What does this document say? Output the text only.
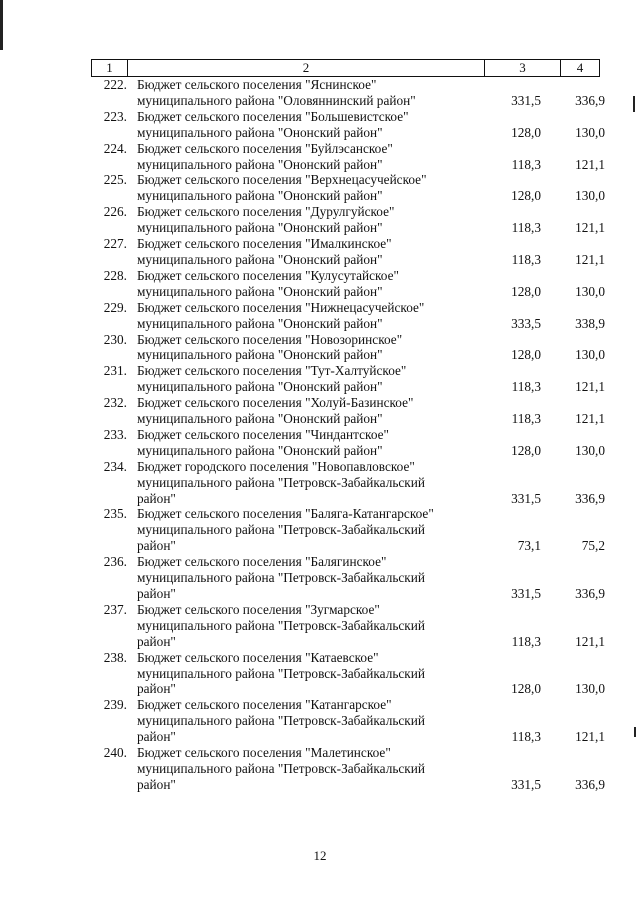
1	2	3	4
222. Бюджет сельского поселения "Яснинское"
муниципального района "Оловяннинский район"	331,5	336,9
223. Бюджет сельского поселения "Большевистское"
муниципального района "Ононский район"	128,0	130,0
224. Бюджет сельского поселения "Буйлэсанское"
муниципального района "Ононский район"	118,3	121,1
225. Бюджет сельского поселения "Верхнецасучейское"
муниципального района "Ононский район"	128,0	130,0
226. Бюджет сельского поселения "Дурулгуйское"
муниципального района "Ононский район"	118,3	121,1
227. Бюджет сельского поселения "Ималкинское"
муниципального района "Ононский район"	118,3	121,1
228. Бюджет сельского поселения "Кулусутайское"
муниципального района "Ононский район"	128,0	130,0
229. Бюджет сельского поселения "Нижнецасучейское"
муниципального района "Ононский район"	333,5	338,9
230. Бюджет сельского поселения "Новозоринское"
муниципального района "Ононский район"	128,0	130,0
231. Бюджет сельского поселения "Тут-Халтуйское"
муниципального района "Ононский район"	118,3	121,1
232. Бюджет сельского поселения "Холуй-Базинское"
муниципального района "Ононский район"	118,3	121,1
233. Бюджет сельского поселения "Чиндантское"
муниципального района "Ононский район"	128,0	130,0
234. Бюджет городского поселения "Новопавловское"
муниципального района "Петровск-Забайкальский
район"	331,5	336,9
235. Бюджет сельского поселения "Баляга-Катангарское"
муниципального района "Петровск-Забайкальский
район"	73,1	75,2
236. Бюджет сельского поселения "Балягинское"
муниципального района "Петровск-Забайкальский
район"	331,5	336,9
237. Бюджет сельского поселения "Зугмарское"
муниципального района "Петровск-Забайкальский
район"	118,3	121,1
238. Бюджет сельского поселения "Катаевское"
муниципального района "Петровск-Забайкальский
район"	128,0	130,0
239. Бюджет сельского поселения "Катангарское"
муниципального района "Петровск-Забайкальский
район"	118,3	121,1
240. Бюджет сельского поселения "Малетинское"
муниципального района "Петровск-Забайкальский
район"	331,5	336,9
12
